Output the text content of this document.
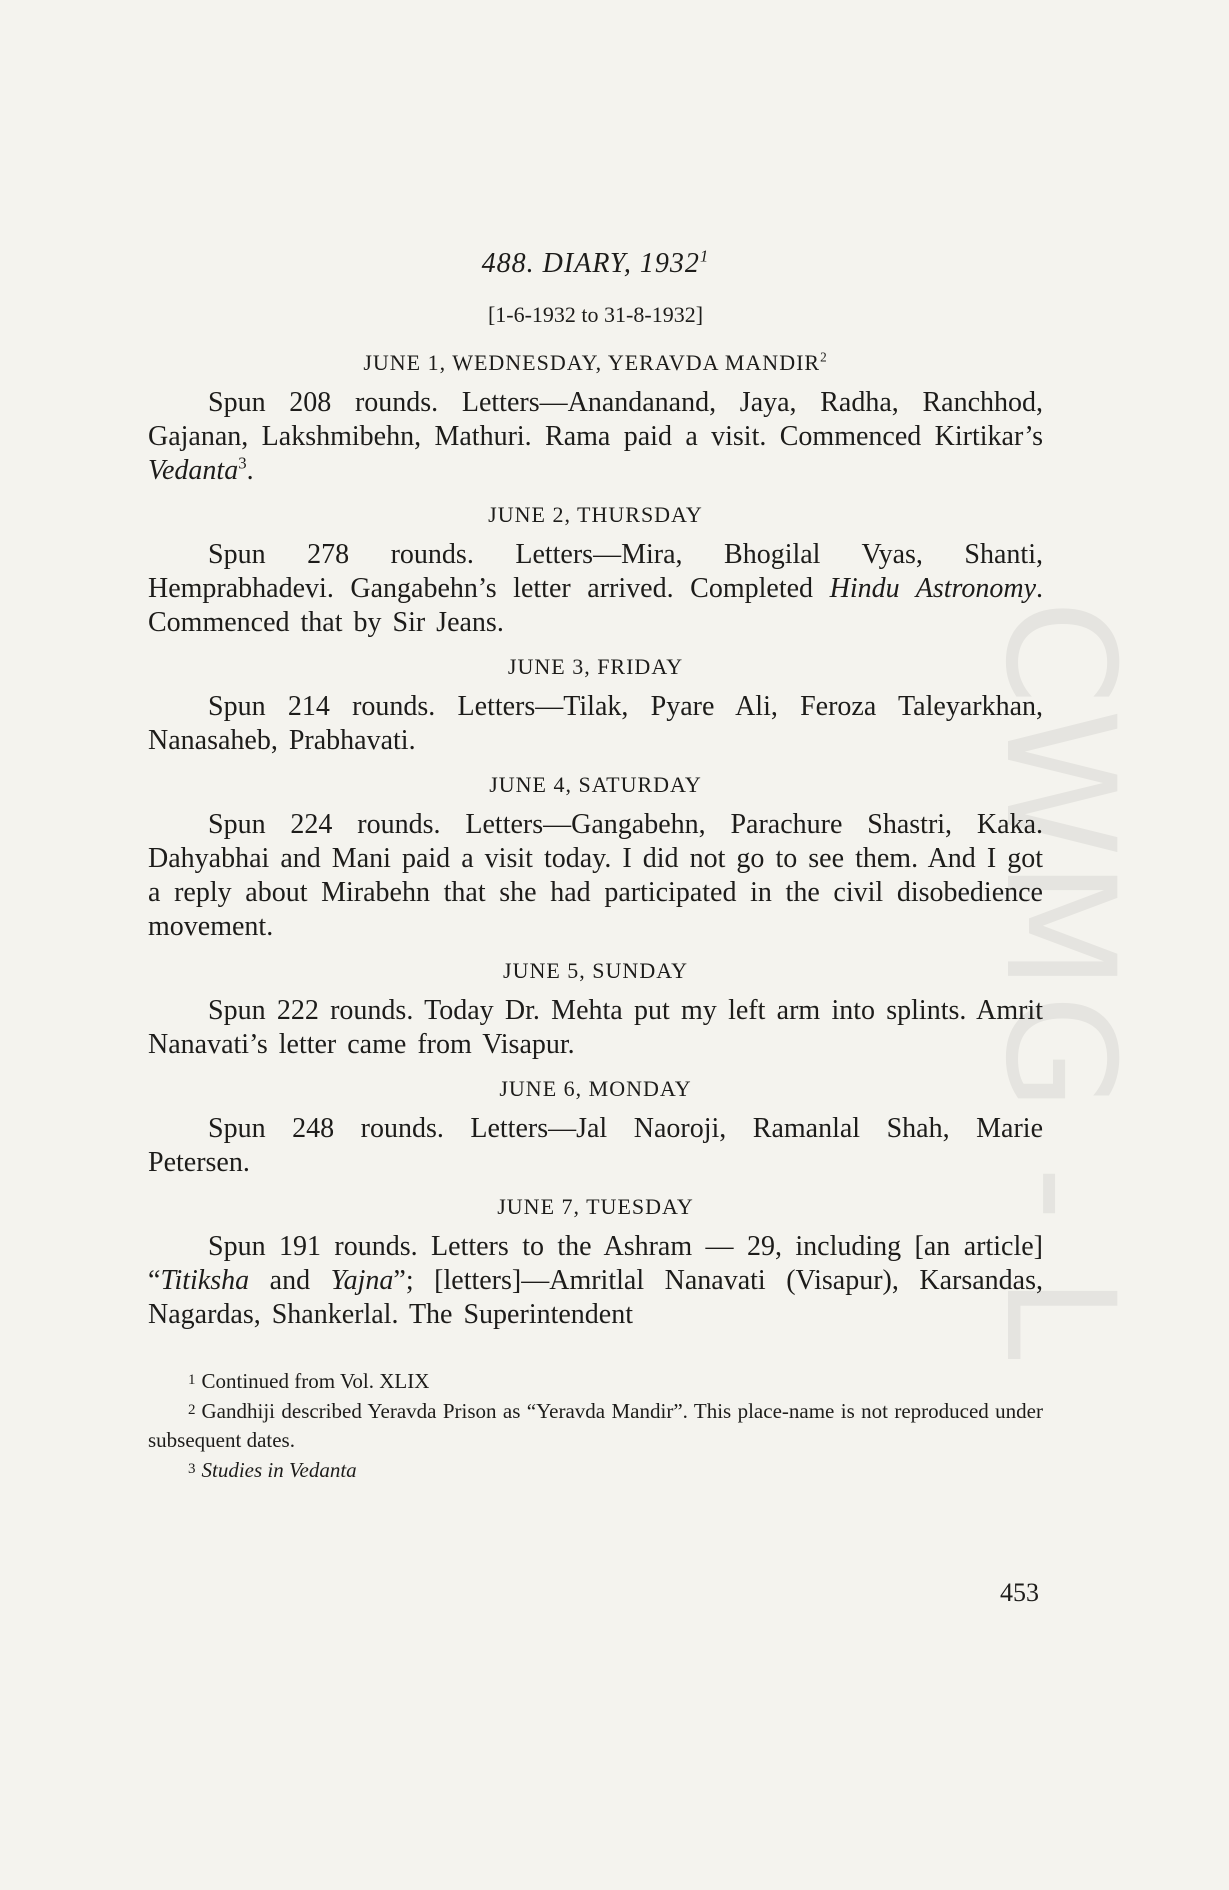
CWMG - L
488. DIARY, 1932$^1$
[1-6-1932 to 31-8-1932]
JUNE 1, WEDNESDAY, YERAVDA MANDIR$^2$

Spun 208 rounds. Letters—Anandanand, Jaya, Radha, Ranchhod, Gajanan, Lakshmibehn, Mathuri. Rama paid a visit. Commenced Kirtikar’s Vedanta$^3$.

JUNE 2, THURSDAY

Spun 278 rounds. Letters—Mira, Bhogilal Vyas, Shanti, Hemprabhadevi. Gangabehn’s letter arrived. Completed Hindu Astronomy. Commenced that by Sir Jeans.

JUNE 3, FRIDAY

Spun 214 rounds. Letters—Tilak, Pyare Ali, Feroza Taleyarkhan, Nanasaheb, Prabhavati.

JUNE 4, SATURDAY

Spun 224 rounds. Letters—Gangabehn, Parachure Shastri, Kaka. Dahyabhai and Mani paid a visit today. I did not go to see them. And I got a reply about Mirabehn that she had participated in the civil disobedience movement.

JUNE 5, SUNDAY

Spun 222 rounds. Today Dr. Mehta put my left arm into splints. Amrit Nanavati’s letter came from Visapur.

JUNE 6, MONDAY

Spun 248 rounds. Letters—Jal Naoroji, Ramanlal Shah, Marie Petersen.

JUNE 7, TUESDAY

Spun 191 rounds. Letters to the Ashram — 29, including [an article] “Titiksha and Yajna”; [letters]—Amritlal Nanavati (Visapur), Karsandas, Nagardas, Shankerlal. The Superintendent

1 Continued from Vol. XLIX

2 Gandhiji described Yeravda Prison as “Yeravda Mandir”. This place-name is not reproduced under subsequent dates.

3 Studies in Vedanta

453
